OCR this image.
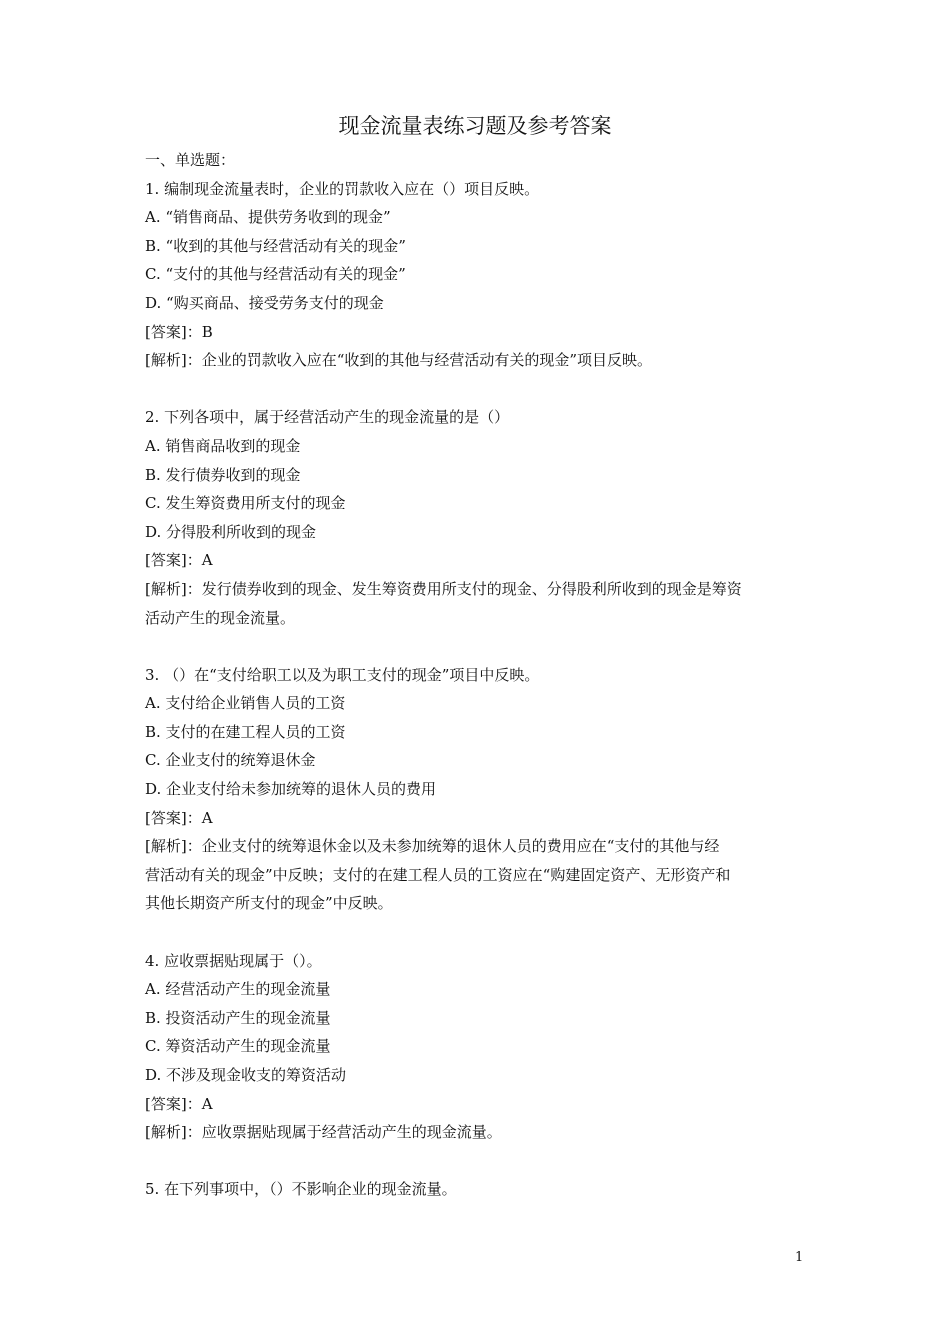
现金流量表练习题及参考答案
一、单选题：
1. 编制现金流量表时，企业的罚款收入应在（）项目反映。
A. “销售商品、提供劳务收到的现金”
B. “收到的其他与经营活动有关的现金”
C. “支付的其他与经营活动有关的现金”
D. “购买商品、接受劳务支付的现金
[答案]：B
[解析]：企业的罚款收入应在“收到的其他与经营活动有关的现金”项目反映。
2. 下列各项中，属于经营活动产生的现金流量的是（）
A. 销售商品收到的现金
B. 发行债券收到的现金
C. 发生筹资费用所支付的现金
D. 分得股利所收到的现金
[答案]：A
[解析]：发行债券收到的现金、发生筹资费用所支付的现金、分得股利所收到的现金是筹资
活动产生的现金流量。
3. （）在“支付给职工以及为职工支付的现金”项目中反映。
A. 支付给企业销售人员的工资
B. 支付的在建工程人员的工资
C. 企业支付的统筹退休金
D. 企业支付给未参加统筹的退休人员的费用
[答案]：A
[解析]：企业支付的统筹退休金以及未参加统筹的退休人员的费用应在“支付的其他与经
营活动有关的现金”中反映；支付的在建工程人员的工资应在“购建固定资产、无形资产和
其他长期资产所支付的现金”中反映。
4. 应收票据贴现属于（）。
A. 经营活动产生的现金流量
B. 投资活动产生的现金流量
C. 筹资活动产生的现金流量
D. 不涉及现金收支的筹资活动
[答案]：A
[解析]：应收票据贴现属于经营活动产生的现金流量。
5. 在下列事项中，（）不影响企业的现金流量。
1
